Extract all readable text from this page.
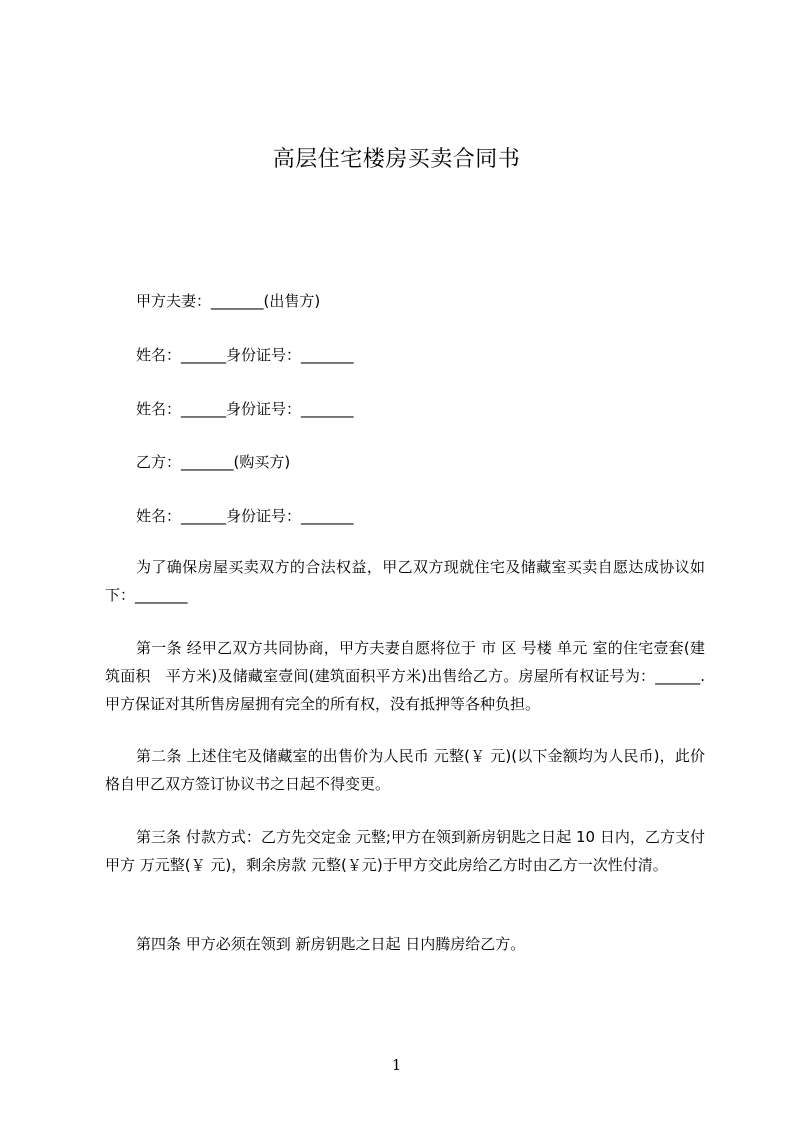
高层住宅楼房买卖合同书
甲方夫妻：_______(出售方)
姓名：______身份证号：_______
姓名：______身份证号：_______
乙方：_______(购买方)
姓名：______身份证号：_______
为了确保房屋买卖双方的合法权益，甲乙双方现就住宅及储藏室买卖自愿达成协议如下：_______
第一条 经甲乙双方共同协商，甲方夫妻自愿将位于 市 区 号楼 单元 室的住宅壹套(建筑面积　平方米)及储藏室壹间(建筑面积平方米)出售给乙方。房屋所有权证号为：______.甲方保证对其所售房屋拥有完全的所有权，没有抵押等各种负担。
第二条 上述住宅及储藏室的出售价为人民币 元整(￥ 元)(以下金额均为人民币)，此价格自甲乙双方签订协议书之日起不得变更。
第三条 付款方式：乙方先交定金 元整;甲方在领到新房钥匙之日起 10 日内，乙方支付甲方 万元整(￥ 元)，剩余房款 元整(￥元)于甲方交此房给乙方时由乙方一次性付清。
第四条 甲方必须在领到 新房钥匙之日起 日内腾房给乙方。
1
